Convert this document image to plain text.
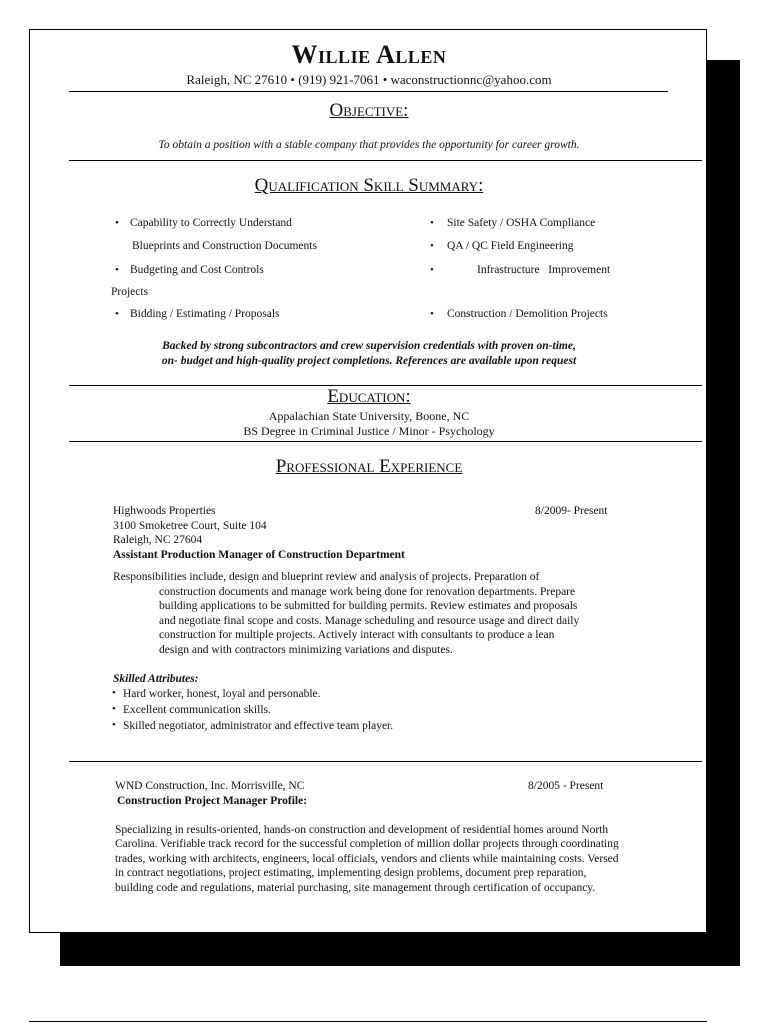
Willie Allen
Raleigh, NC 27610 • (919) 921-7061 • waconstructionnc@yahoo.com
Objective:
To obtain a position with a stable company that provides the opportunity for career growth.
Qualification Skill Summary:
• Capability to Correctly Understand
Blueprints and Construction Documents
• Budgeting and Cost Controls
Projects
• Bidding / Estimating / Proposals
• Site Safety / OSHA Compliance
• QA / QC Field Engineering
•	Infrastructure   Improvement
• Construction / Demolition Projects
Backed by strong subcontractors and crew supervision credentials with proven on-time,
on- budget and high-quality project completions. References are available upon request
Education:
Appalachian State University, Boone, NC
BS Degree in Criminal Justice / Minor - Psychology
Professional Experience
Highwoods Properties	8/2009- Present
3100 Smoketree Court, Suite 104
Raleigh, NC 27604
Assistant Production Manager of Construction Department
Responsibilities include, design and blueprint review and analysis of projects. Preparation of
construction documents and manage work being done for renovation departments. Prepare
building applications to be submitted for building permits. Review estimates and proposals
and negotiate final scope and costs. Manage scheduling and resource usage and direct daily
construction for multiple projects. Actively interact with consultants to produce a lean
design and with contractors minimizing variations and disputes.
Skilled Attributes:
• Hard worker, honest, loyal and personable.
• Excellent communication skills.
• Skilled negotiator, administrator and effective team player.
WND Construction, Inc. Morrisville, NC	8/2005 - Present
Construction Project Manager Profile:
Specializing in results-oriented, hands-on construction and development of residential homes around North
Carolina. Verifiable track record for the successful completion of million dollar projects through coordinating
trades, working with architects, engineers, local officials, vendors and clients while maintaining costs. Versed
in contract negotiations, project estimating, implementing design problems, document prep reparation,
building code and regulations, material purchasing, site management through certification of occupancy.
